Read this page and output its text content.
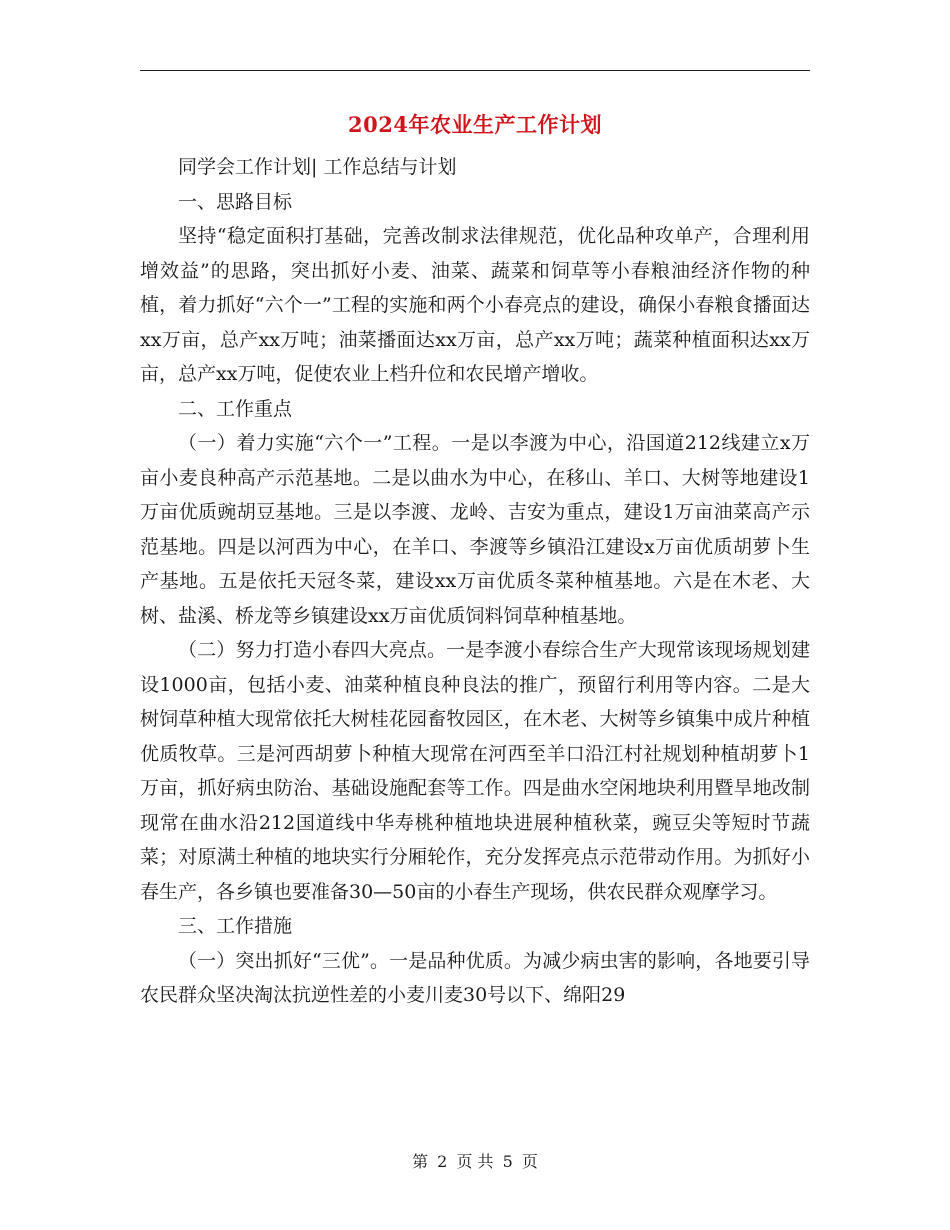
2024年农业生产工作计划

同学会工作计划| 工作总结与计划

一、思路目标

坚持“稳定面积打基础，完善改制求法律规范，优化品种攻单产，合理利用增效益”的思路，突出抓好小麦、油菜、蔬菜和饲草等小春粮油经济作物的种植，着力抓好“六个一”工程的实施和两个小春亮点的建设，确保小春粮食播面达xx万亩，总产xx万吨；油菜播面达xx万亩，总产xx万吨；蔬菜种植面积达xx万亩，总产xx万吨，促使农业上档升位和农民增产增收。

二、工作重点

（一）着力实施“六个一”工程。一是以李渡为中心，沿国道212线建立x万亩小麦良种高产示范基地。二是以曲水为中心，在移山、羊口、大树等地建设1万亩优质豌胡豆基地。三是以李渡、龙岭、吉安为重点，建设1万亩油菜高产示范基地。四是以河西为中心，在羊口、李渡等乡镇沿江建设x万亩优质胡萝卜生产基地。五是依托天冠冬菜，建设xx万亩优质冬菜种植基地。六是在木老、大树、盐溪、桥龙等乡镇建设xx万亩优质饲料饲草种植基地。

（二）努力打造小春四大亮点。一是李渡小春综合生产大现常该现场规划建设1000亩，包括小麦、油菜种植良种良法的推广，预留行利用等内容。二是大树饲草种植大现常依托大树桂花园畜牧园区，在木老、大树等乡镇集中成片种植优质牧草。三是河西胡萝卜种植大现常在河西至羊口沿江村社规划种植胡萝卜1万亩，抓好病虫防治、基础设施配套等工作。四是曲水空闲地块利用暨旱地改制现常在曲水沿212国道线中华寿桃种植地块进展种植秋菜，豌豆尖等短时节蔬菜；对原满土种植的地块实行分厢轮作，充分发挥亮点示范带动作用。为抓好小春生产，各乡镇也要准备30—50亩的小春生产现场，供农民群众观摩学习。

三、工作措施

（一）突出抓好“三优”。一是品种优质。为减少病虫害的影响，各地要引导农民群众坚决淘汰抗逆性差的小麦川麦30号以下、绵阳29

第 2 页 共 5 页
